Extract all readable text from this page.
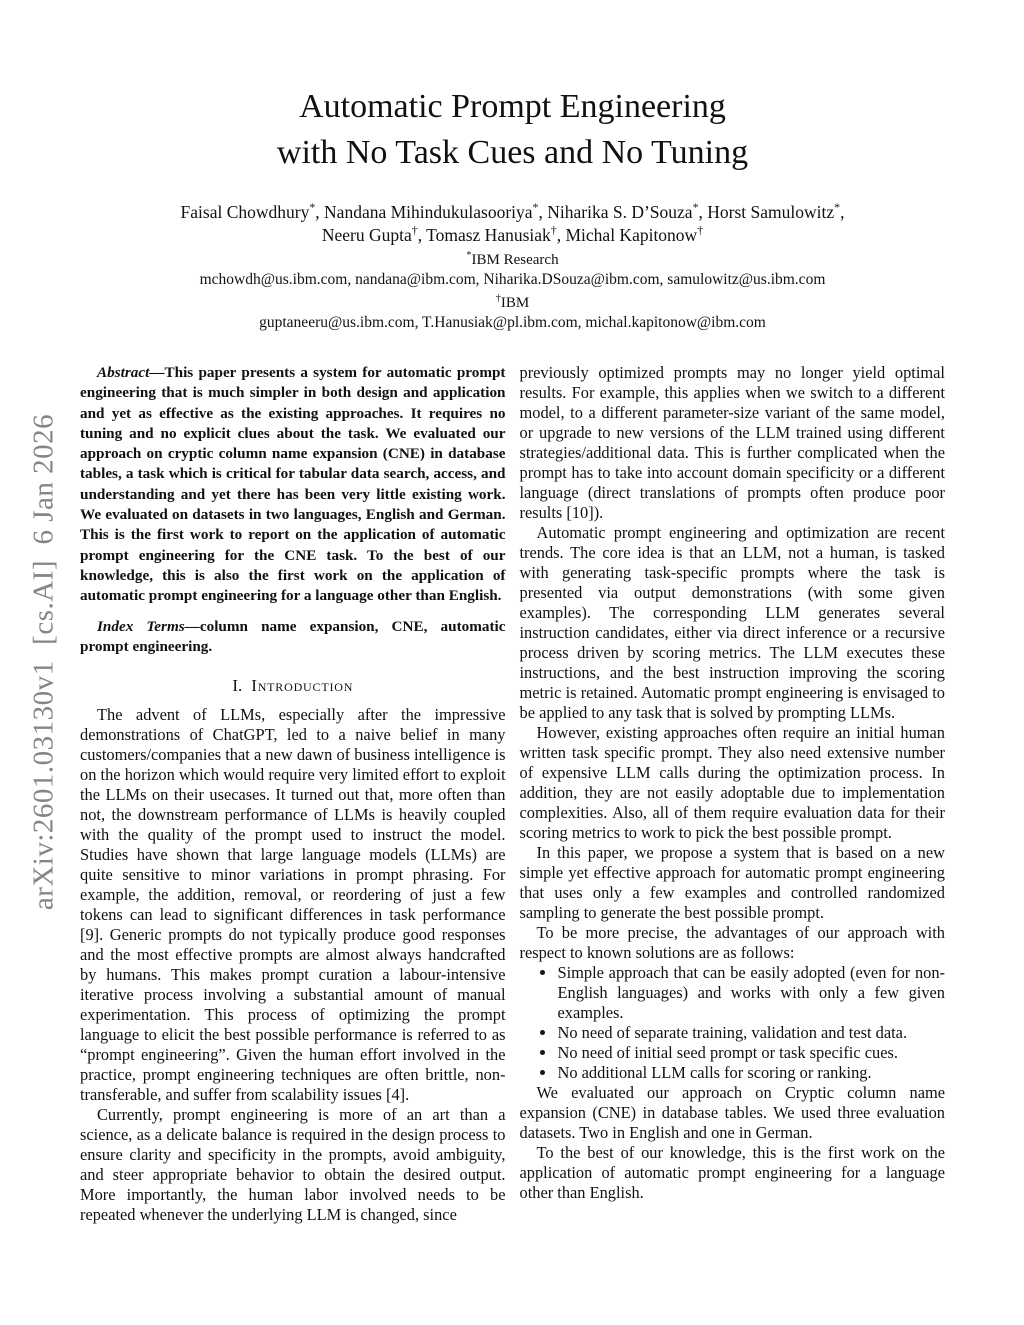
arXiv:2601.03130v1  [cs.AI]  6 Jan 2026
Automatic Prompt Engineering
with No Task Cues and No Tuning
Faisal Chowdhury*, Nandana Mihindukulasooriya*, Niharika S. D’Souza*, Horst Samulowitz*,
Neeru Gupta†, Tomasz Hanusiak†, Michal Kapitonow†
*IBM Research
mchowdh@us.ibm.com, nandana@ibm.com, Niharika.DSouza@ibm.com, samulowitz@us.ibm.com
†IBM
guptaneeru@us.ibm.com, T.Hanusiak@pl.ibm.com, michal.kapitonow@ibm.com

Abstract—This paper presents a system for automatic prompt engineering that is much simpler in both design and application and yet as effective as the existing approaches. It requires no tuning and no explicit clues about the task. We evaluated our approach on cryptic column name expansion (CNE) in database tables, a task which is critical for tabular data search, access, and understanding and yet there has been very little existing work. We evaluated on datasets in two languages, English and German. This is the first work to report on the application of automatic prompt engineering for the CNE task. To the best of our knowledge, this is also the first work on the application of automatic prompt engineering for a language other than English.

Index Terms—column name expansion, CNE, automatic prompt engineering.

I. Introduction

The advent of LLMs, especially after the impressive demonstrations of ChatGPT, led to a naive belief in many customers/companies that a new dawn of business intelligence is on the horizon which would require very limited effort to exploit the LLMs on their usecases. It turned out that, more often than not, the downstream performance of LLMs is heavily coupled with the quality of the prompt used to instruct the model. Studies have shown that large language models (LLMs) are quite sensitive to minor variations in prompt phrasing. For example, the addition, removal, or reordering of just a few tokens can lead to significant differences in task performance [9]. Generic prompts do not typically produce good responses and the most effective prompts are almost always handcrafted by humans. This makes prompt curation a labour-intensive iterative process involving a substantial amount of manual experimentation. This process of optimizing the prompt language to elicit the best possible performance is referred to as “prompt engineering”. Given the human effort involved in the practice, prompt engineering techniques are often brittle, non-transferable, and suffer from scalability issues [4].

Currently, prompt engineering is more of an art than a science, as a delicate balance is required in the design process to ensure clarity and specificity in the prompts, avoid ambiguity, and steer appropriate behavior to obtain the desired output. More importantly, the human labor involved needs to be repeated whenever the underlying LLM is changed, since

previously optimized prompts may no longer yield optimal results. For example, this applies when we switch to a different model, to a different parameter-size variant of the same model, or upgrade to new versions of the LLM trained using different strategies/additional data. This is further complicated when the prompt has to take into account domain specificity or a different language (direct translations of prompts often produce poor results [10]).

Automatic prompt engineering and optimization are recent trends. The core idea is that an LLM, not a human, is tasked with generating task-specific prompts where the task is presented via output demonstrations (with some given examples). The corresponding LLM generates several instruction candidates, either via direct inference or a recursive process driven by scoring metrics. The LLM executes these instructions, and the best instruction improving the scoring metric is retained. Automatic prompt engineering is envisaged to be applied to any task that is solved by prompting LLMs.

However, existing approaches often require an initial human written task specific prompt. They also need extensive number of expensive LLM calls during the optimization process. In addition, they are not easily adoptable due to implementation complexities. Also, all of them require evaluation data for their scoring metrics to work to pick the best possible prompt.

In this paper, we propose a system that is based on a new simple yet effective approach for automatic prompt engineering that uses only a few examples and controlled randomized sampling to generate the best possible prompt.

To be more precise, the advantages of our approach with respect to known solutions are as follows:

• Simple approach that can be easily adopted (even for non-English languages) and works with only a few given examples.
• No need of separate training, validation and test data.
• No need of initial seed prompt or task specific cues.
• No additional LLM calls for scoring or ranking.

We evaluated our approach on Cryptic column name expansion (CNE) in database tables. We used three evaluation datasets. Two in English and one in German.

To the best of our knowledge, this is the first work on the application of automatic prompt engineering for a language other than English.
